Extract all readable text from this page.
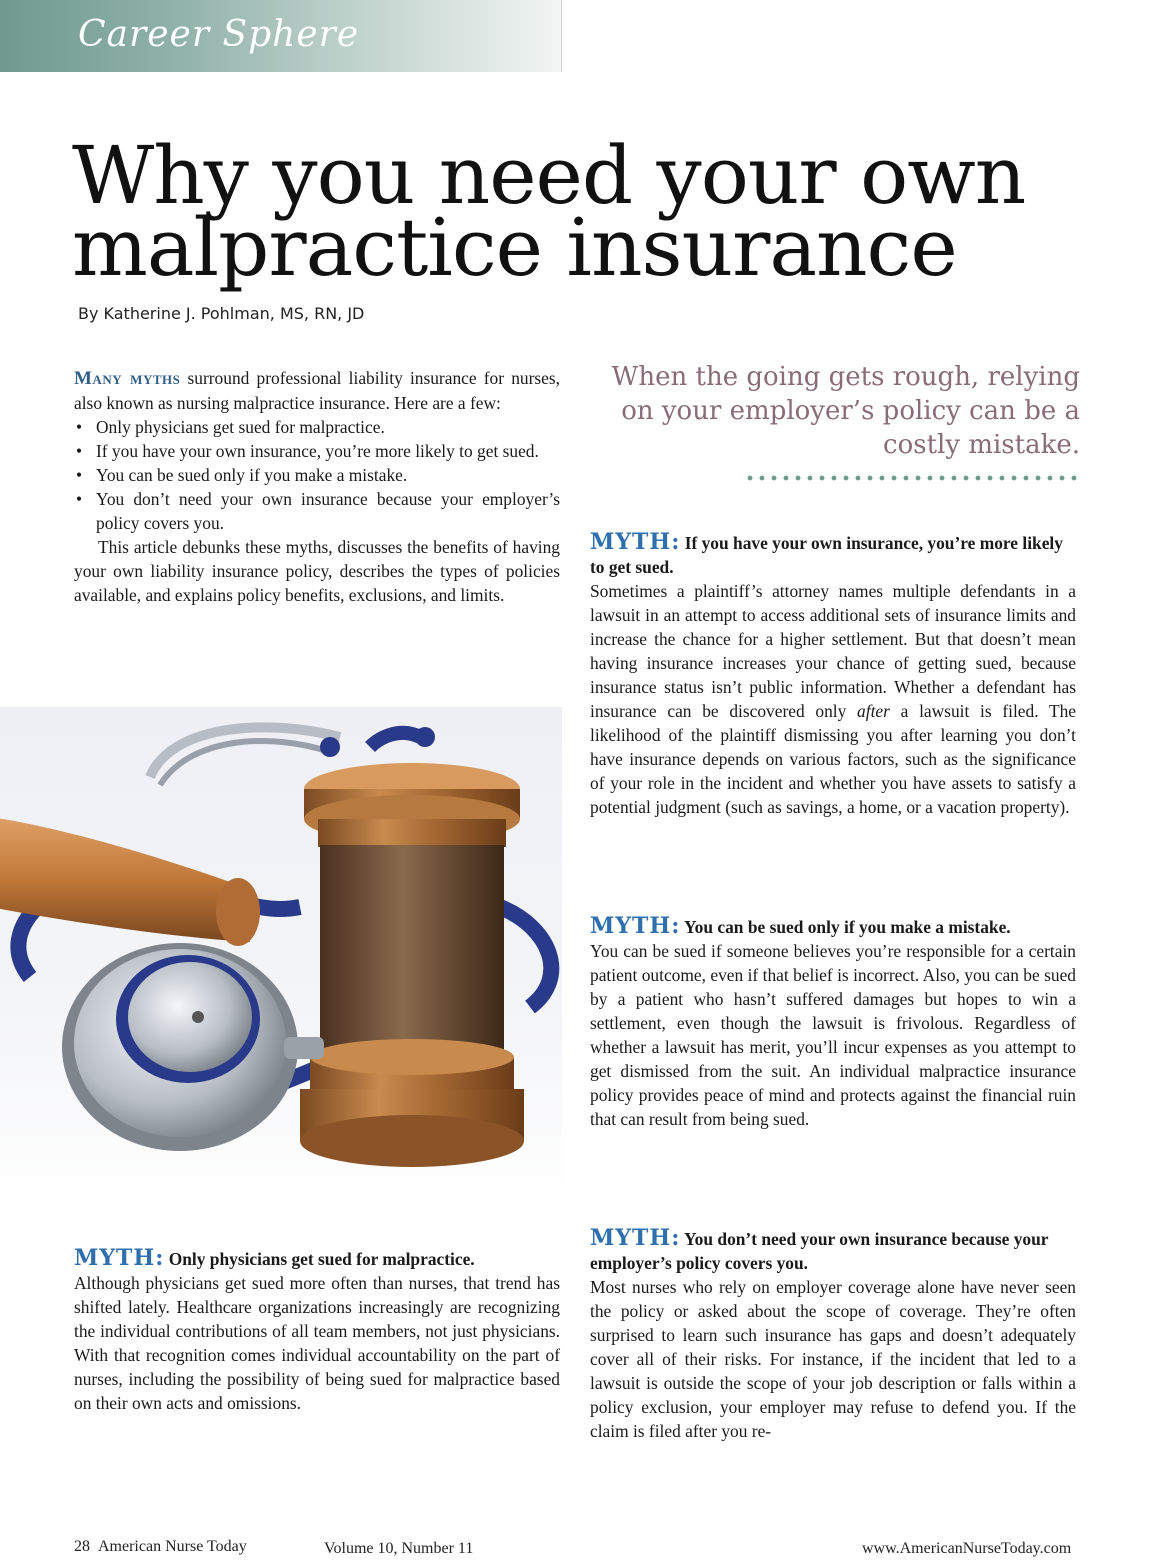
Career Sphere
Why you need your own
malpractice insurance
By Katherine J. Pohlman, MS, RN, JD

Many myths surround professional liability insurance for nurses, also known as nursing malpractice insurance. Here are a few:

• Only physicians get sued for malpractice.
• If you have your own insurance, you’re more likely to get sued.
• You can be sued only if you make a mistake.
• You don’t need your own insurance because your employer’s policy covers you.

This article debunks these myths, discusses the benefits of having your own liability insurance policy, describes the types of policies available, and explains policy benefits, exclusions, and limits.

MYTH: Only physicians get sued for malpractice.

Although physicians get sued more often than nurses, that trend has shifted lately. Healthcare organizations increasingly are recognizing the individual contributions of all team members, not just physicians. With that recognition comes individual accountability on the part of nurses, including the possibility of being sued for malpractice based on their own acts and omissions.

When the going gets rough, relying on your employer’s policy can be a costly mistake.

MYTH: If you have your own insurance, you’re more likely to get sued.

Sometimes a plaintiff’s attorney names multiple defendants in a lawsuit in an attempt to access additional sets of insurance limits and increase the chance for a higher settlement. But that doesn’t mean having insurance increases your chance of getting sued, because insurance status isn’t public information. Whether a defendant has insurance can be discovered only after a lawsuit is filed. The likelihood of the plaintiff dismissing you after learning you don’t have insurance depends on various factors, such as the significance of your role in the incident and whether you have assets to satisfy a potential judgment (such as savings, a home, or a vacation property).

MYTH: You can be sued only if you make a mistake.

You can be sued if someone believes you’re responsible for a certain patient outcome, even if that belief is incorrect. Also, you can be sued by a patient who hasn’t suffered damages but hopes to win a settlement, even though the lawsuit is frivolous. Regardless of whether a lawsuit has merit, you’ll incur expenses as you attempt to get dismissed from the suit. An individual malpractice insurance policy provides peace of mind and protects against the financial ruin that can result from being sued.

MYTH: You don’t need your own insurance because your employer’s policy covers you.

Most nurses who rely on employer coverage alone have never seen the policy or asked about the scope of coverage. They’re often surprised to learn such insurance has gaps and doesn’t adequately cover all of their risks. For instance, if the incident that led to a lawsuit is outside the scope of your job description or falls within a policy exclusion, your employer may refuse to defend you. If the claim is filed after you re-

28 American Nurse Today	Volume 10, Number 11	www.AmericanNurseToday.com
